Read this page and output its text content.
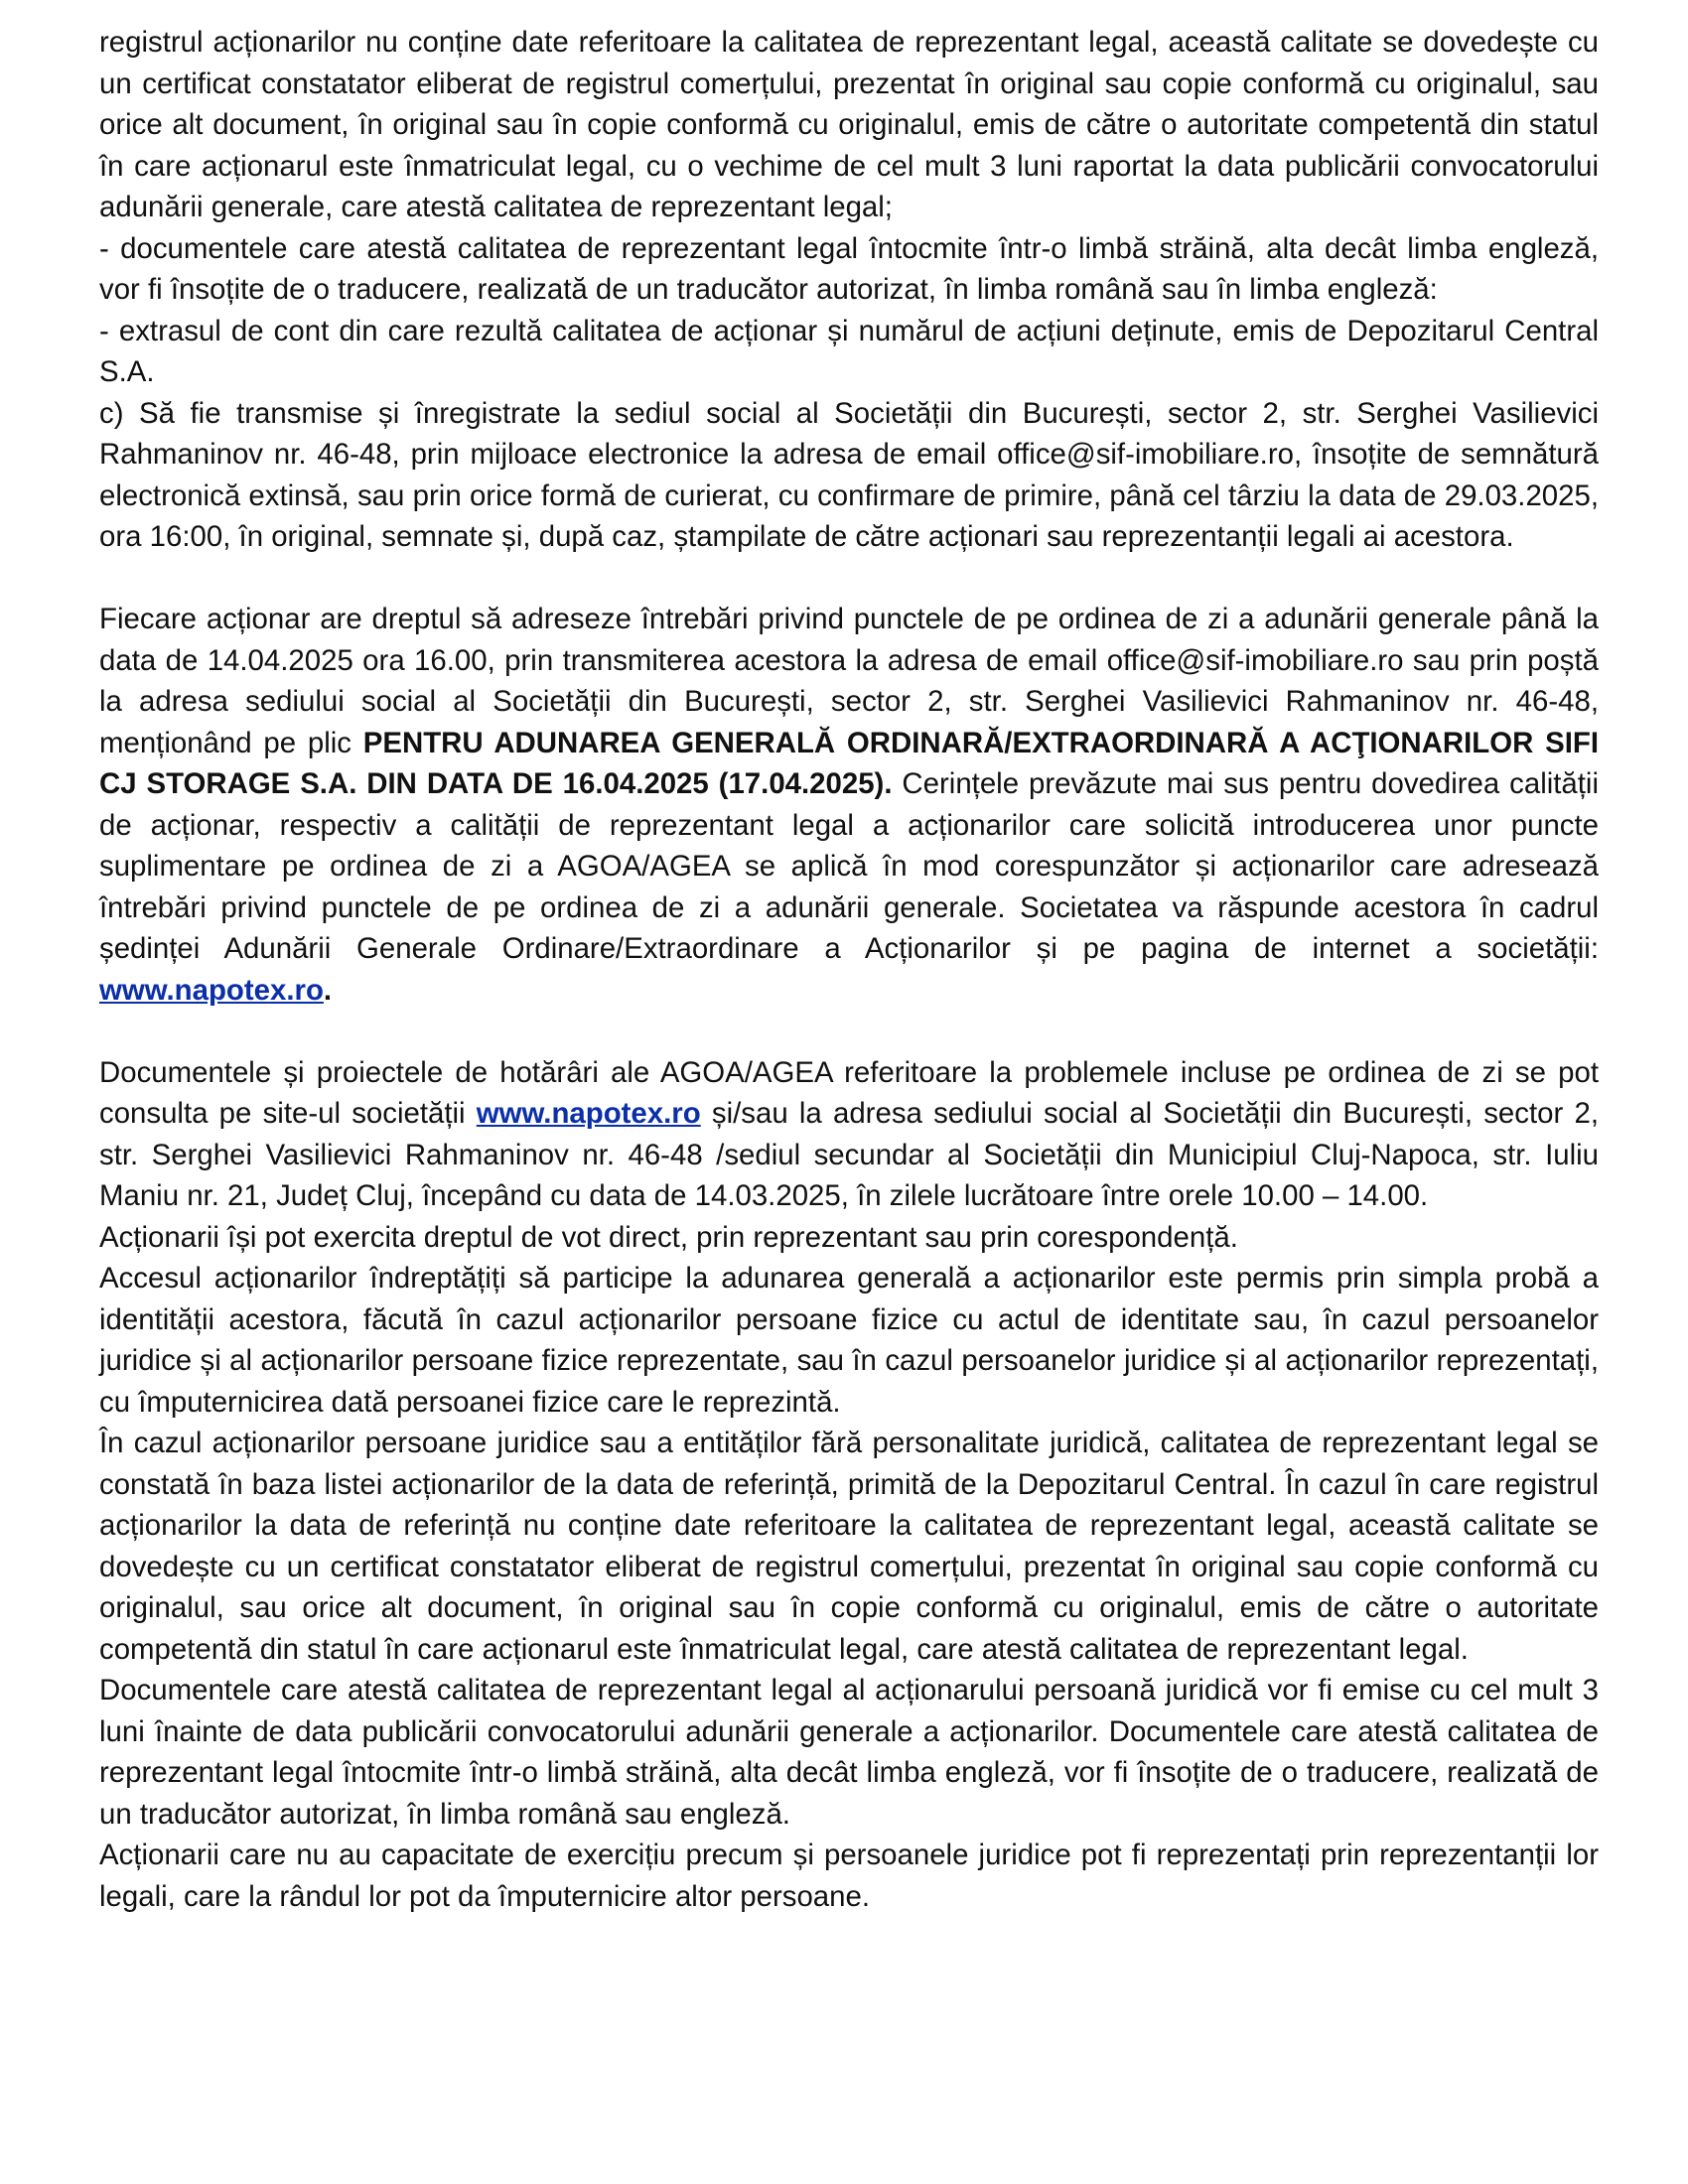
registrul acționarilor nu conține date referitoare la calitatea de reprezentant legal, această calitate se dovedește cu un certificat constatator eliberat de registrul comerțului, prezentat în original sau copie conformă cu originalul, sau orice alt document, în original sau în copie conformă cu originalul, emis de către o autoritate competentă din statul în care acționarul este înmatriculat legal, cu o vechime de cel mult 3 luni raportat la data publicării convocatorului adunării generale, care atestă calitatea de reprezentant legal;

- documentele care atestă calitatea de reprezentant legal întocmite într-o limbă străină, alta decât limba engleză, vor fi însoțite de o traducere, realizată de un traducător autorizat, în limba română sau în limba engleză:

- extrasul de cont din care rezultă calitatea de acționar și numărul de acțiuni deținute, emis de Depozitarul Central S.A.

c) Să fie transmise și înregistrate la sediul social al Societății din București, sector 2, str. Serghei Vasilievici Rahmaninov nr. 46-48, prin mijloace electronice la adresa de email office@sif-imobiliare.ro, însoțite de semnătură electronică extinsă, sau prin orice formă de curierat, cu confirmare de primire, până cel târziu la data de 29.03.2025, ora 16:00, în original, semnate și, după caz, ștampilate de către acționari sau reprezentanții legali ai acestora.

Fiecare acționar are dreptul să adreseze întrebări privind punctele de pe ordinea de zi a adunării generale până la data de 14.04.2025 ora 16.00, prin transmiterea acestora la adresa de email office@sif-imobiliare.ro sau prin poștă la adresa sediului social al Societății din București, sector 2, str. Serghei Vasilievici Rahmaninov nr. 46-48, menționând pe plic PENTRU ADUNAREA GENERALĂ ORDINARĂ/EXTRAORDINARĂ A ACŢIONARILOR SIFI CJ STORAGE S.A. DIN DATA DE 16.04.2025 (17.04.2025). Cerințele prevăzute mai sus pentru dovedirea calității de acționar, respectiv a calității de reprezentant legal a acționarilor care solicită introducerea unor puncte suplimentare pe ordinea de zi a AGOA/AGEA se aplică în mod corespunzător și acționarilor care adresează întrebări privind punctele de pe ordinea de zi a adunării generale. Societatea va răspunde acestora în cadrul ședinței Adunării Generale Ordinare/Extraordinare a Acționarilor și pe pagina de internet a societății: www.napotex.ro.

Documentele și proiectele de hotărâri ale AGOA/AGEA referitoare la problemele incluse pe ordinea de zi se pot consulta pe site-ul societății www.napotex.ro și/sau la adresa sediului social al Societății din București, sector 2, str. Serghei Vasilievici Rahmaninov nr. 46-48 /sediul secundar al Societății din Municipiul Cluj-Napoca, str. Iuliu Maniu nr. 21, Județ Cluj, începând cu data de 14.03.2025, în zilele lucrătoare între orele 10.00 – 14.00.

Acționarii își pot exercita dreptul de vot direct, prin reprezentant sau prin corespondență.

Accesul acționarilor îndreptățiți să participe la adunarea generală a acționarilor este permis prin simpla probă a identității acestora, făcută în cazul acționarilor persoane fizice cu actul de identitate sau, în cazul persoanelor juridice și al acționarilor persoane fizice reprezentate, sau în cazul persoanelor juridice și al acționarilor reprezentați, cu împuternicirea dată persoanei fizice care le reprezintă.

În cazul acționarilor persoane juridice sau a entităților fără personalitate juridică, calitatea de reprezentant legal se constată în baza listei acționarilor de la data de referință, primită de la Depozitarul Central. În cazul în care registrul acționarilor la data de referință nu conține date referitoare la calitatea de reprezentant legal, această calitate se dovedește cu un certificat constatator eliberat de registrul comerțului, prezentat în original sau copie conformă cu originalul, sau orice alt document, în original sau în copie conformă cu originalul, emis de către o autoritate competentă din statul în care acționarul este înmatriculat legal, care atestă calitatea de reprezentant legal.

Documentele care atestă calitatea de reprezentant legal al acționarului persoană juridică vor fi emise cu cel mult 3 luni înainte de data publicării convocatorului adunării generale a acționarilor. Documentele care atestă calitatea de reprezentant legal întocmite într-o limbă străină, alta decât limba engleză, vor fi însoțite de o traducere, realizată de un traducător autorizat, în limba română sau engleză.

Acționarii care nu au capacitate de exercițiu precum și persoanele juridice pot fi reprezentați prin reprezentanții lor legali, care la rândul lor pot da împuternicire altor persoane.
